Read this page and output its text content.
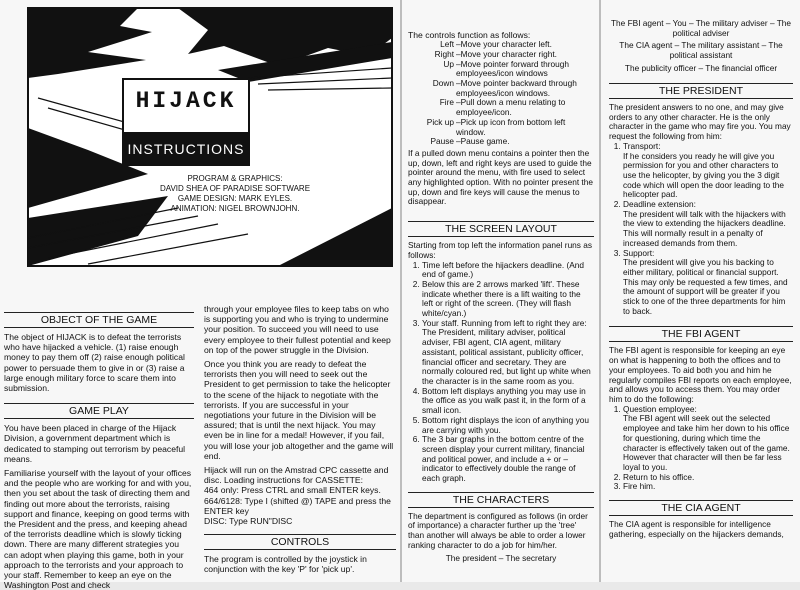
HIJACK
INSTRUCTIONS
PROGRAM & GRAPHICS:
DAVID SHEA OF PARADISE SOFTWARE
GAME DESIGN: MARK EYLES.
ANIMATION: NIGEL BROWNJOHN.
OBJECT OF THE GAME

The object of HIJACK is to defeat the terrorists who have hijacked a vehicle. (1) raise enough money to pay them off (2) raise enough political power to persuade them to give in or (3) raise a large enough military force to scare them into submission.

GAME PLAY

You have been placed in charge of the Hijack Division, a government department which is dedicated to stamping out terrorism by peaceful means.

Familiarise yourself with the layout of your offices and the people who are working for and with you, then you set about the task of directing them and finding out more about the terrorists, raising support and finance, keeping on good terms with the President and the press, and keeping ahead of the terrorists deadline which is slowly ticking down. There are many different strategies you can adopt when playing this game, both in your approach to the terrorists and your approach to your staff. Remember to keep an eye on the Washington Post and check

through your employee files to keep tabs on who is supporting you and who is trying to undermine your position. To succeed you will need to use every employee to their fullest potential and keep on top of the power struggle in the Division.

Once you think you are ready to defeat the terrorists then you will need to seek out the President to get permission to take the helicopter to the scene of the hijack to negotiate with the terrorists. If you are successful in your negotiations your future in the Division will be assured; that is until the next hijack. You may even be in line for a medal! However, if you fail, you will lose your job altogether and the game will end.

Hijack will run on the Amstrad CPC cassette and disc. Loading instructions for CASSETTE:

464 only: Press CTRL and small ENTER keys.

664/6128: Type I (shifted @) TAPE and press the ENTER key

DISC: Type RUN"DISC

CONTROLS

The program is controlled by the joystick in conjunction with the key 'P' for 'pick up'.

The controls function as follows:

Left –Move your character left.
Right –Move your character right.
Up –Move pointer forward through employees/icon windows
Down –Move pointer backward through employees/icon windows.
Fire –Pull down a menu relating to employee/icon.
Pick up –Pick up icon from bottom left window.
Pause –Pause game.

If a pulled down menu contains a pointer then the up, down, left and right keys are used to guide the pointer around the menu, with fire used to select any highlighted option. With no pointer present the up, down and fire keys will cause the menus to disappear.

THE SCREEN LAYOUT

Starting from top left the information panel runs as follows:

1. Time left before the hijackers deadline. (And end of game.)
2. Below this are 2 arrows marked 'lift'. These indicate whether there is a lift waiting to the left or right of the screen. (They will flash white/cyan.)
3. Your staff. Running from left to right they are: The President, military adviser, political adviser, FBI agent, CIA agent, military assistant, political assistant, publicity officer, financial officer and secretary. They are normally coloured red, but light up white when the character is in the same room as you.
4. Bottom left displays anything you may use in the office as you walk past it, in the form of a small icon.
5. Bottom right displays the icon of anything you are carrying with you.
6. The 3 bar graphs in the bottom centre of the screen display your current military, financial and political power, and include a + or – indicator to effectively double the range of each graph.
THE CHARACTERS

The department is configured as follows (in order of importance) a character further up the 'tree' than another will always be able to order a lower ranking character to do a job for him/her.

The president – The secretary
The FBI agent – You – The military adviser – The political adviser
The CIA agent – The military assistant – The political assistant
The publicity officer – The financial officer
THE PRESIDENT

The president answers to no one, and may give orders to any other character. He is the only character in the game who may fire you. You may request the following from him:

1. Transport:
If he considers you ready he will give you permission for you and other characters to use the helicopter, by giving you the 3 digit code which will open the door leading to the helicopter pad.
2. Deadline extension:
The president will talk with the hijackers with the view to extending the hijackers deadline. This will normally result in a penalty of increased demands from them.
3. Support:
The president will give you his backing to either military, political or financial support. This may only be requested a few times, and the amount of support will be greater if you stick to one of the three departments for him to back.
THE FBI AGENT

The FBI agent is responsible for keeping an eye on what is happening to both the offices and to your employees. To aid both you and him he regularly compiles FBI reports on each employee, and allows you to access them. You may order him to do the following:

1. Question employee:
The FBI agent will seek out the selected employee and take him her down to his office for questioning, during which time the character is effectively taken out of the game. However that character will then be far less loyal to you.
2. Return to his office.
3. Fire him.
THE CIA AGENT

The CIA agent is responsible for intelligence gathering, especially on the hijackers demands,
